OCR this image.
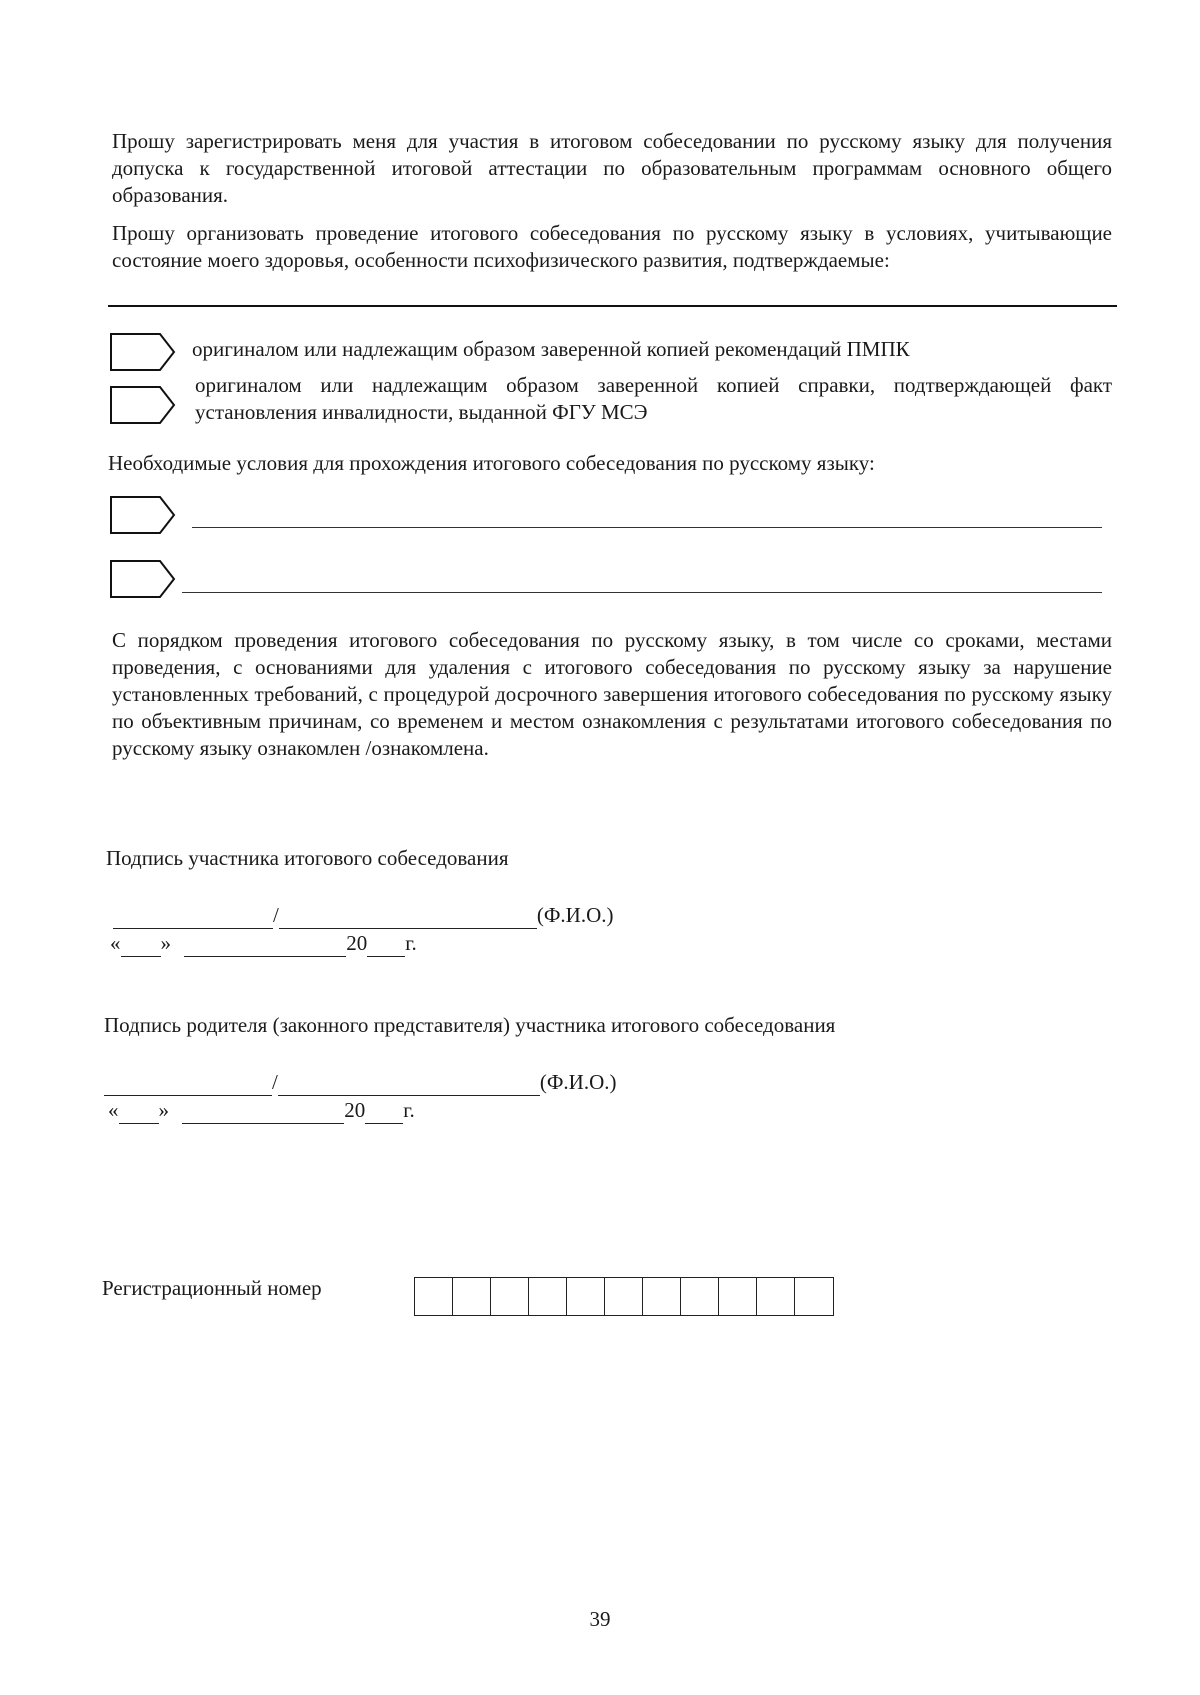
Прошу зарегистрировать меня для участия в итоговом собеседовании по русскому языку для получения допуска к государственной итоговой аттестации по образовательным программам основного общего образования.
Прошу организовать проведение итогового собеседования по русскому языку в условиях, учитывающие состояние моего здоровья, особенности психофизического развития, подтверждаемые:
оригиналом или надлежащим образом заверенной копией рекомендаций ПМПК
оригиналом или надлежащим образом заверенной копией справки, подтверждающей факт установления инвалидности, выданной ФГУ МСЭ
Необходимые условия для прохождения итогового собеседования по русскому языку:
С порядком проведения итогового собеседования по русскому языку, в том числе со сроками, местами проведения, с основаниями для удаления с итогового собеседования по русскому языку за нарушение установленных требований, с процедурой досрочного завершения итогового собеседования по русскому языку по объективным причинам, со временем и местом ознакомления с результатами итогового собеседования по русскому языку ознакомлен /ознакомлена.
Подпись участника итогового собеседования
/	(Ф.И.О.)
« »	20 г.
Подпись родителя (законного представителя) участника итогового собеседования
/	(Ф.И.О.)
« »	20 г.
Регистрационный номер
39
